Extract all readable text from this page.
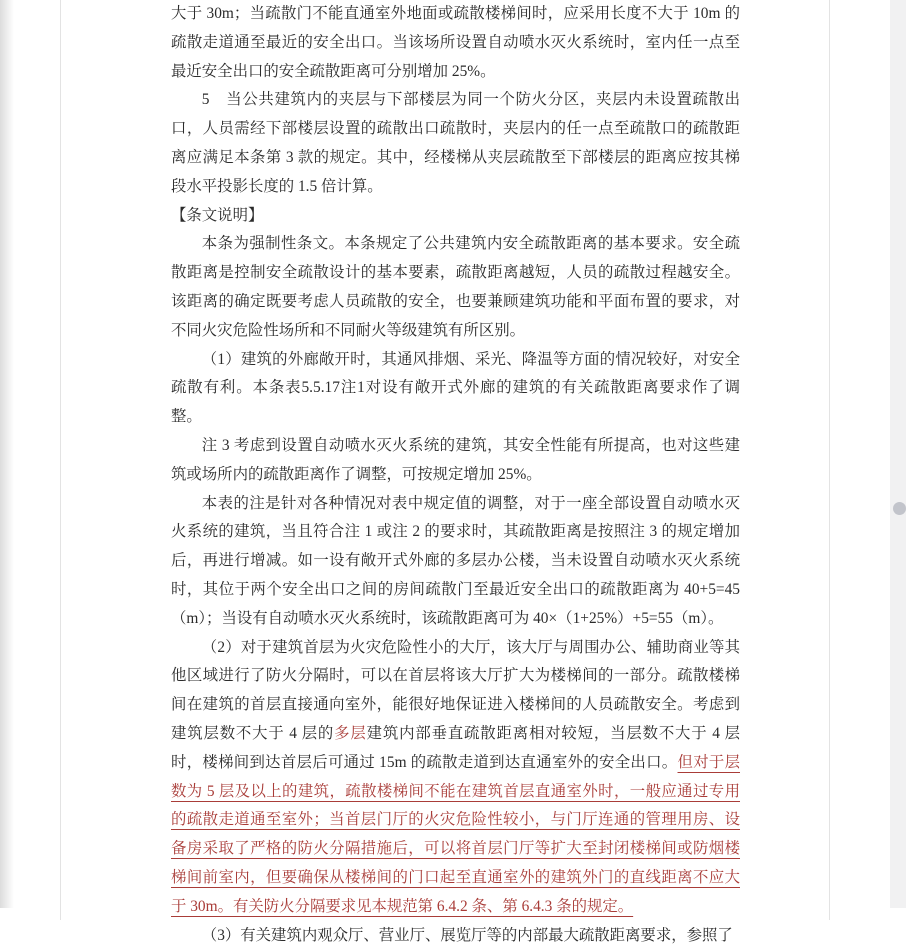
大于 30m；当疏散门不能直通室外地面或疏散楼梯间时，应采用长度不大于 10m 的疏散走道通至最近的安全出口。当该场所设置自动喷水灭火系统时，室内任一点至最近安全出口的安全疏散距离可分别增加 25%。
5　当公共建筑内的夹层与下部楼层为同一个防火分区，夹层内未设置疏散出口，人员需经下部楼层设置的疏散出口疏散时，夹层内的任一点至疏散口的疏散距离应满足本条第 3 款的规定。其中，经楼梯从夹层疏散至下部楼层的距离应按其梯段水平投影长度的 1.5 倍计算。
【条文说明】
本条为强制性条文。本条规定了公共建筑内安全疏散距离的基本要求。安全疏散距离是控制安全疏散设计的基本要素，疏散距离越短，人员的疏散过程越安全。该距离的确定既要考虑人员疏散的安全，也要兼顾建筑功能和平面布置的要求，对不同火灾危险性场所和不同耐火等级建筑有所区别。
（1）建筑的外廊敞开时，其通风排烟、采光、降温等方面的情况较好，对安全疏散有利。本条表5.5.17注1对设有敞开式外廊的建筑的有关疏散距离要求作了调整。
注 3 考虑到设置自动喷水灭火系统的建筑，其安全性能有所提高，也对这些建筑或场所内的疏散距离作了调整，可按规定增加 25%。
本表的注是针对各种情况对表中规定值的调整，对于一座全部设置自动喷水灭火系统的建筑，当且符合注 1 或注 2 的要求时，其疏散距离是按照注 3 的规定增加后，再进行增减。如一设有敞开式外廊的多层办公楼，当未设置自动喷水灭火系统时，其位于两个安全出口之间的房间疏散门至最近安全出口的疏散距离为 40+5=45（m）；当设有自动喷水灭火系统时，该疏散距离可为 40×（1+25%）+5=55（m）。
（2）对于建筑首层为火灾危险性小的大厅，该大厅与周围办公、辅助商业等其他区域进行了防火分隔时，可以在首层将该大厅扩大为楼梯间的一部分。疏散楼梯间在建筑的首层直接通向室外，能很好地保证进入楼梯间的人员疏散安全。考虑到建筑层数不大于 4 层的多层建筑内部垂直疏散距离相对较短，当层数不大于 4 层时，楼梯间到达首层后可通过 15m 的疏散走道到达直通室外的安全出口。但对于层数为 5 层及以上的建筑，疏散楼梯间不能在建筑首层直通室外时，一般应通过专用的疏散走道通至室外；当首层门厅的火灾危险性较小，与门厅连通的管理用房、设备房采取了严格的防火分隔措施后，可以将首层门厅等扩大至封闭楼梯间或防烟楼梯间前室内，但要确保从楼梯间的门口起至直通室外的建筑外门的直线距离不应大于 30m。有关防火分隔要求见本规范第 6.4.2 条、第 6.4.3 条的规定。
（3）有关建筑内观众厅、营业厅、展览厅等的内部最大疏散距离要求，参照了
